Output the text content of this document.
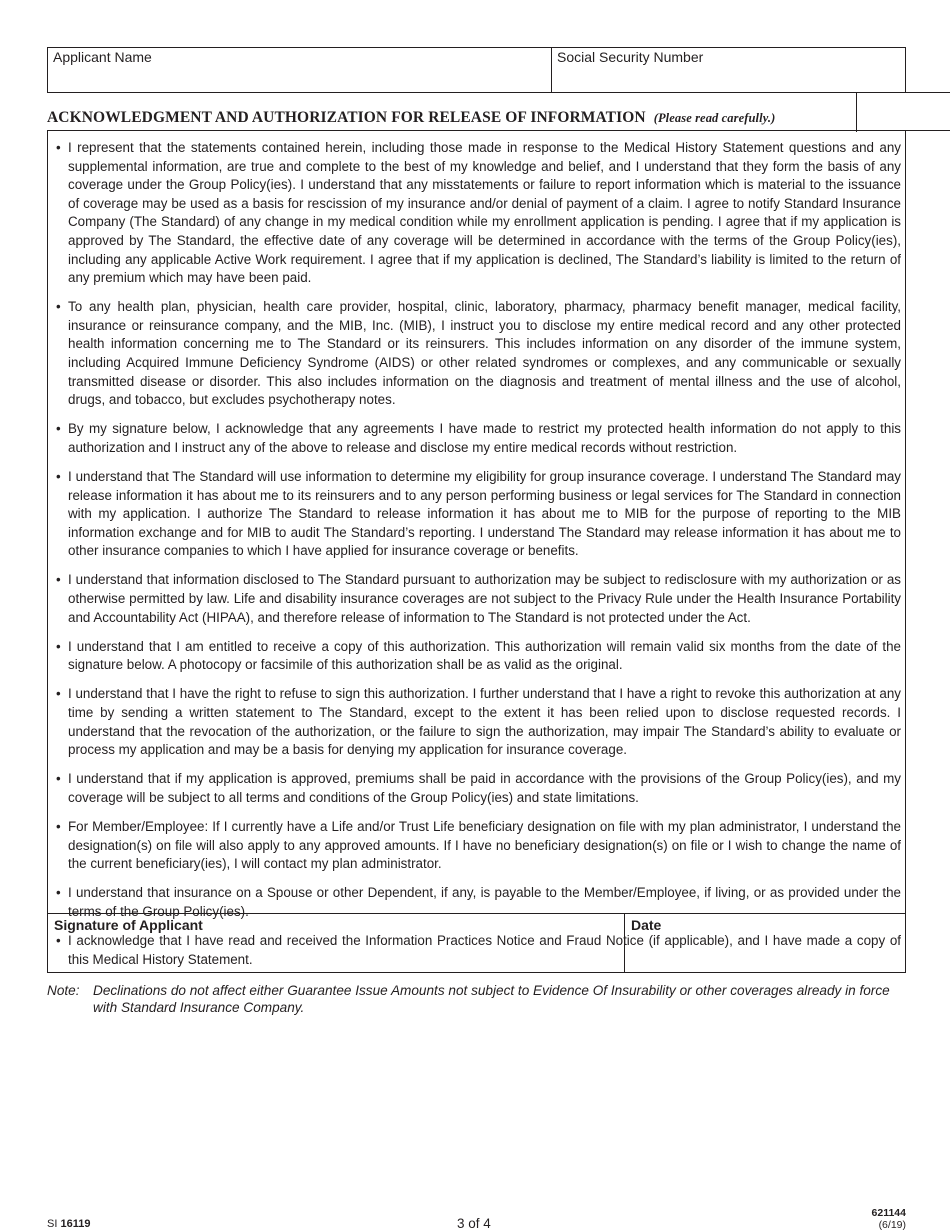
Applicant Name	Social Security Number
ACKNOWLEDGMENT AND AUTHORIZATION FOR RELEASE OF INFORMATION (Please read carefully.)
• I represent that the statements contained herein, including those made in response to the Medical History Statement questions and any supplemental information, are true and complete to the best of my knowledge and belief, and I understand that they form the basis of any coverage under the Group Policy(ies). I understand that any misstatements or failure to report information which is material to the issuance of coverage may be used as a basis for rescission of my insurance and/or denial of payment of a claim. I agree to notify Standard Insurance Company (The Standard) of any change in my medical condition while my enrollment application is pending. I agree that if my application is approved by The Standard, the effective date of any coverage will be determined in accordance with the terms of the Group Policy(ies), including any applicable Active Work requirement. I agree that if my application is declined, The Standard’s liability is limited to the return of any premium which may have been paid.
• To any health plan, physician, health care provider, hospital, clinic, laboratory, pharmacy, pharmacy benefit manager, medical facility, insurance or reinsurance company, and the MIB, Inc. (MIB), I instruct you to disclose my entire medical record and any other protected health information concerning me to The Standard or its reinsurers. This includes information on any disorder of the immune system, including Acquired Immune Deficiency Syndrome (AIDS) or other related syndromes or complexes, and any communicable or sexually transmitted disease or disorder. This also includes information on the diagnosis and treatment of mental illness and the use of alcohol, drugs, and tobacco, but excludes psychotherapy notes.
• By my signature below, I acknowledge that any agreements I have made to restrict my protected health information do not apply to this authorization and I instruct any of the above to release and disclose my entire medical records without restriction.
• I understand that The Standard will use information to determine my eligibility for group insurance coverage. I understand The Standard may release information it has about me to its reinsurers and to any person performing business or legal services for The Standard in connection with my application. I authorize The Standard to release information it has about me to MIB for the purpose of reporting to the MIB information exchange and for MIB to audit The Standard’s reporting. I understand The Standard may release information it has about me to other insurance companies to which I have applied for insurance coverage or benefits.
• I understand that information disclosed to The Standard pursuant to authorization may be subject to redisclosure with my authorization or as otherwise permitted by law. Life and disability insurance coverages are not subject to the Privacy Rule under the Health Insurance Portability and Accountability Act (HIPAA), and therefore release of information to The Standard is not protected under the Act.
• I understand that I am entitled to receive a copy of this authorization. This authorization will remain valid six months from the date of the signature below. A photocopy or facsimile of this authorization shall be as valid as the original.
• I understand that I have the right to refuse to sign this authorization. I further understand that I have a right to revoke this authorization at any time by sending a written statement to The Standard, except to the extent it has been relied upon to disclose requested records. I understand that the revocation of the authorization, or the failure to sign the authorization, may impair The Standard’s ability to evaluate or process my application and may be a basis for denying my application for insurance coverage.
• I understand that if my application is approved, premiums shall be paid in accordance with the provisions of the Group Policy(ies), and my coverage will be subject to all terms and conditions of the Group Policy(ies) and state limitations.
• For Member/Employee: If I currently have a Life and/or Trust Life beneficiary designation on file with my plan administrator, I understand the designation(s) on file will also apply to any approved amounts. If I have no beneficiary designation(s) on file or I wish to change the name of the current beneficiary(ies), I will contact my plan administrator.
• I understand that insurance on a Spouse or other Dependent, if any, is payable to the Member/Employee, if living, or as provided under the terms of the Group Policy(ies).
• I acknowledge that I have read and received the Information Practices Notice and Fraud Notice (if applicable), and I have made a copy of this Medical History Statement.
Signature of Applicant	Date
Note: Declinations do not affect either Guarantee Issue Amounts not subject to Evidence Of Insurability or other coverages already in force with Standard Insurance Company.
SI 16119	3 of 4
621144
(6/19)
